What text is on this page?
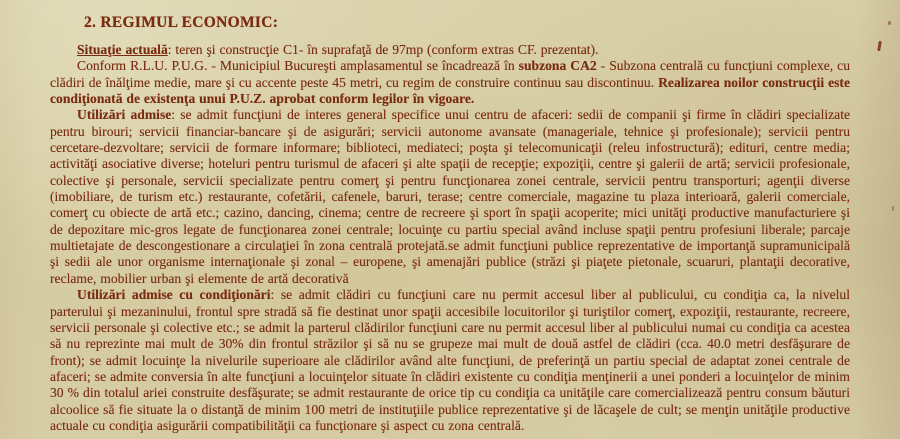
2. REGIMUL ECONOMIC:

Situaţie actuală: teren şi construcţie C1- în suprafaţă de 97mp (conform extras CF. prezentat).

Conform R.L.U. P.U.G. - Municipiul Bucureşti amplasamentul se încadrează în subzona CA2 - Subzona centrală cu funcţiuni complexe, cu clădiri de înălţime medie, mare şi cu accente peste 45 metri, cu regim de construire continuu sau discontinuu. Realizarea noilor construcţii este condiţionată de existenţa unui P.U.Z. aprobat conform legilor în vigoare.

Utilizări admise: se admit funcţiuni de interes general specifice unui centru de afaceri: sedii de companii şi firme în clădiri specializate pentru birouri; servicii financiar-bancare şi de asigurări; servicii autonome avansate (manageriale, tehnice şi profesionale); servicii pentru cercetare-dezvoltare; servicii de formare informare; biblioteci, mediateci; poşta şi telecomunicaţii (releu infostructură); edituri, centre media; activităţi asociative diverse; hoteluri pentru turismul de afaceri şi alte spaţii de recepţie; expoziţii, centre şi galerii de artă; servicii profesionale, colective şi personale, servicii specializate pentru comerţ şi pentru funcţionarea zonei centrale, servicii pentru transporturi; agenţii diverse (imobiliare, de turism etc.) restaurante, cofetării, cafenele, baruri, terase; centre comerciale, magazine tu plaza interioară, galerii comerciale, comerţ cu obiecte de artă etc.; cazino, dancing, cinema; centre de recreere şi sport în spaţii acoperite; mici unităţi productive manufacturiere şi de depozitare mic-gros legate de funcţionarea zonei centrale; locuinţe cu partiu special având incluse spaţii pentru profesiuni liberale; parcaje multietajate de descongestionare a circulaţiei în zona centrală protejată.se admit funcţiuni publice reprezentative de importanţă supramunicipală şi sedii ale unor organisme internaţionale şi zonal – europene, şi amenajări publice (străzi şi piaţete pietonale, scuaruri, plantaţii decorative, reclame, mobilier urban şi elemente de artă decorativă

Utilizări admise cu condiţionări: se admit clădiri cu funcţiuni care nu permit accesul liber al publicului, cu condiţia ca, la nivelul parterului şi mezaninului, frontul spre stradă să fie destinat unor spaţii accesibile locuitorilor şi turiştilor comerţ, expoziţii, restaurante, recreere, servicii personale şi colective etc.; se admit la parterul clădirilor funcţiuni care nu permit accesul liber al publicului numai cu condiţia ca acestea să nu reprezinte mai mult de 30% din frontul străzilor şi să nu se grupeze mai mult de două astfel de clădiri (cca. 40.0 metri desfăşurare de front); se admit locuinţe la nivelurile superioare ale clădirilor având alte funcţiuni, de preferinţă un partiu special de adaptat zonei centrale de afaceri; se admite conversia în alte funcţiuni a locuinţelor situate în clădiri existente cu condiţia menţinerii a unei ponderi a locuinţelor de minim 30 % din totalul ariei construite desfăşurate; se admit restaurante de orice tip cu condiţia ca unităţile care comercializează pentru consum băuturi alcoolice să fie situate la o distanţă de minim 100 metri de instituţiile publice reprezentative şi de lăcaşele de cult; se menţin unităţile productive actuale cu condiţia asigurării compatibilităţii ca funcţionare şi aspect cu zona centrală.
